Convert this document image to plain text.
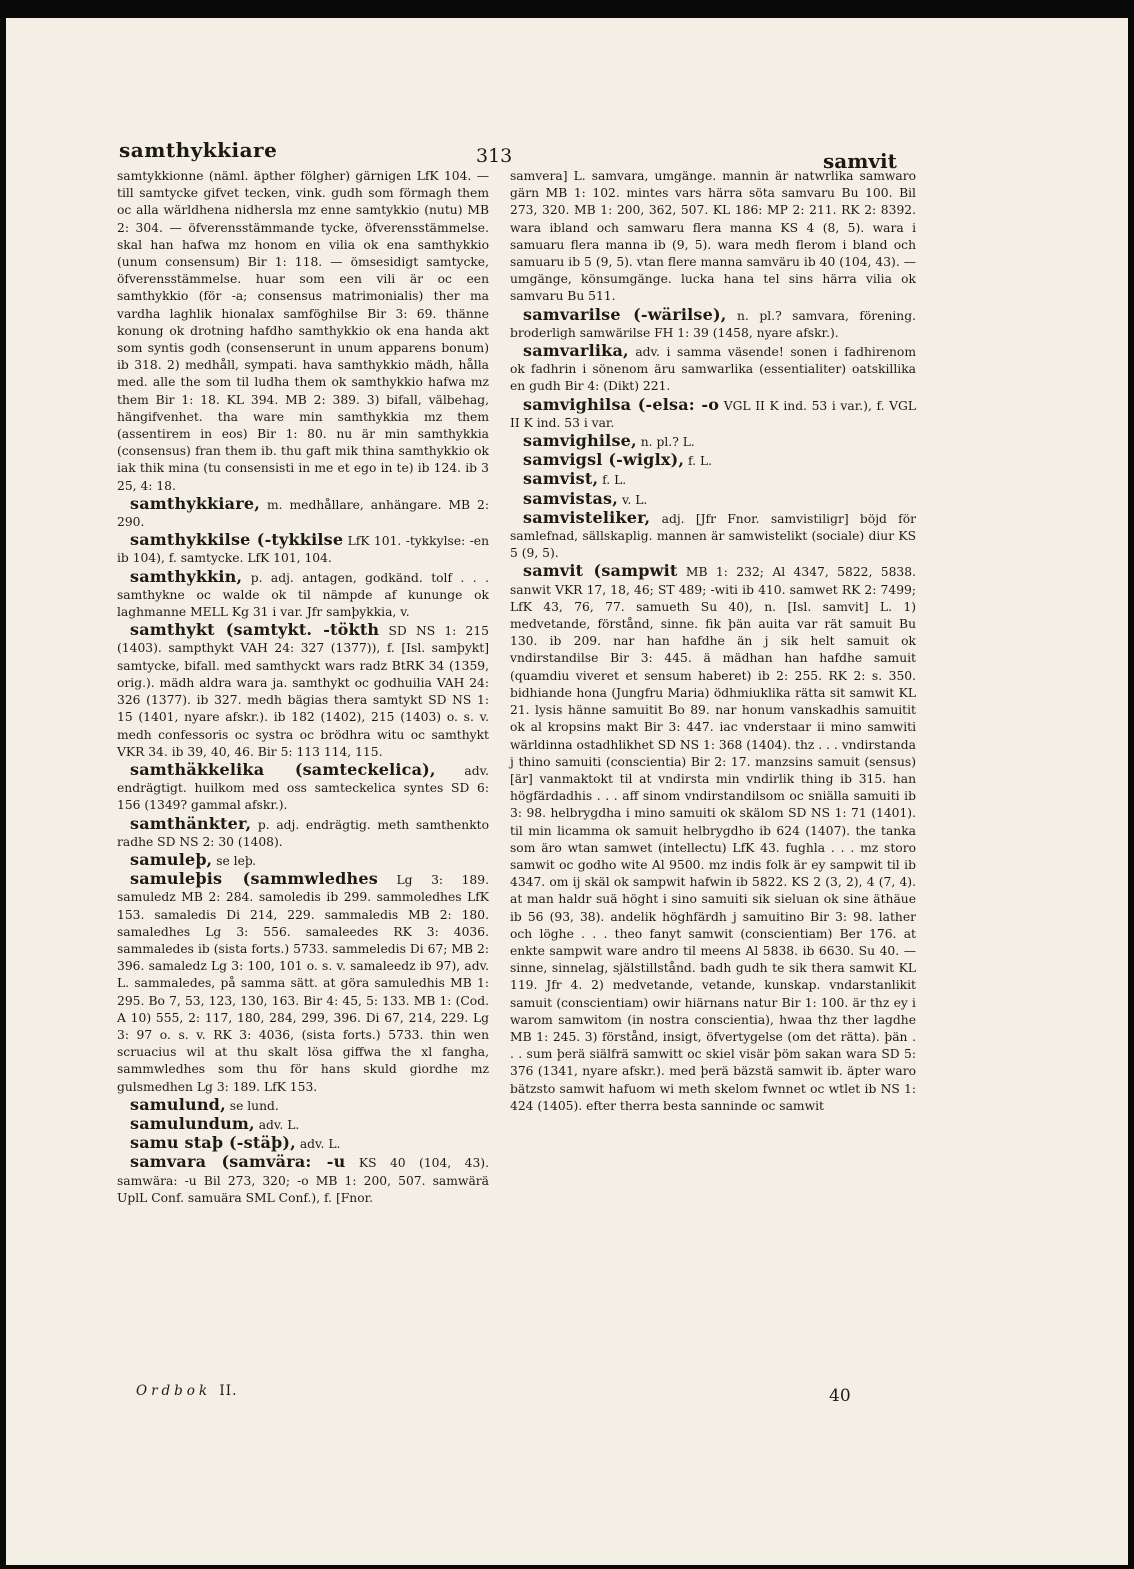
samthykkiare	313	samvit

samtykkionne (näml. äpther fölgher) gärnigen LfK 104. — till samtycke gifvet tecken, vink. gudh som förmagh them oc alla wärldhena nidhersla mz enne samtykkio (nutu) MB 2: 304. — öfverensstämmande tycke, öfverensstämmelse. skal han hafwa mz honom en vilia ok ena samthykkio (unum consensum) Bir 1: 118. — ömsesidigt samtycke, öfverensstämmelse. huar som een vili är oc een samthykkio (för -a; consensus matrimonialis) ther ma vardha laghlik hionalax samföghilse Bir 3: 69. thänne konung ok drotning hafdho samthykkio ok ena handa akt som syntis godh (consenserunt in unum apparens bonum) ib 318. 2) medhåll, sympati. hava samthykkio mädh, hålla med. alle the som til ludha them ok samthykkio hafwa mz them Bir 1: 18. KL 394. MB 2: 389. 3) bifall, välbehag, hängifvenhet. tha ware min samthykkia mz them (assentirem in eos) Bir 1: 80. nu är min samthykkia (consensus) fran them ib. thu gaft mik thina samthykkio ok iak thik mina (tu consensisti in me et ego in te) ib 124. ib 3 25, 4: 18.

samthykkiare, m. medhållare, anhängare. MB 2: 290.

samthykkilse (-tykkilse LfK 101. -tykkylse: -en ib 104), f. samtycke. LfK 101, 104.

samthykkin, p. adj. antagen, godkänd. tolf . . . samthykne oc walde ok til nämpde af kununge ok laghmanne MELL Kg 31 i var. Jfr samþykkia, v.

samthykt (samtykt. -tökth SD NS 1: 215 (1403). sampthykt VAH 24: 327 (1377)), f. [Isl. samþykt] samtycke, bifall. med samthyckt wars radz BtRK 34 (1359, orig.). mädh aldra wara ja. samthykt oc godhuilia VAH 24: 326 (1377). ib 327. medh bägias thera samtykt SD NS 1: 15 (1401, nyare afskr.). ib 182 (1402), 215 (1403) o. s. v. medh confessoris oc systra oc brödhra witu oc samthykt VKR 34. ib 39, 40, 46. Bir 5: 113 114, 115.

samthäkkelika (samteckelica), adv. endrägtigt. huilkom med oss samteckelica syntes SD 6: 156 (1349? gammal afskr.).

samthänkter, p. adj. endrägtig. meth samthenkto radhe SD NS 2: 30 (1408).

samuleþ, se leþ.

samuleþis (sammwledhes Lg 3: 189. samuledz MB 2: 284. samoledis ib 299. sammoledhes LfK 153. samaledis Di 214, 229. sammaledis MB 2: 180. samaledhes Lg 3: 556. samaleedes RK 3: 4036. sammaledes ib (sista forts.) 5733. sammeledis Di 67; MB 2: 396. samaledz Lg 3: 100, 101 o. s. v. samaleedz ib 97), adv. L. sammaledes, på samma sätt. at göra samuledhis MB 1: 295. Bo 7, 53, 123, 130, 163. Bir 4: 45, 5: 133. MB 1: (Cod. A 10) 555, 2: 117, 180, 284, 299, 396. Di 67, 214, 229. Lg 3: 97 o. s. v. RK 3: 4036, (sista forts.) 5733. thin wen scruacius wil at thu skalt lösa giffwa the xl fangha, sammwledhes som thu för hans skuld giordhe mz gulsmedhen Lg 3: 189. LfK 153.

samulund, se lund.

samulundum, adv. L.

samu staþ (-stäþ), adv. L.

samvara (samvära: -u KS 40 (104, 43). samwära: -u Bil 273, 320; -o MB 1: 200, 507. samwärä UplL Conf. samuära SML Conf.), f. [Fnor.

samvera] L. samvara, umgänge. mannin är natwrlika samwaro gärn MB 1: 102. mintes vars härra söta samvaru Bu 100. Bil 273, 320. MB 1: 200, 362, 507. KL 186: MP 2: 211. RK 2: 8392. wara ibland och samwaru flera manna KS 4 (8, 5). wara i samuaru flera manna ib (9, 5). wara medh flerom i bland och samuaru ib 5 (9, 5). vtan flere manna samväru ib 40 (104, 43). — umgänge, könsumgänge. lucka hana tel sins härra vilia ok samvaru Bu 511.

samvarilse (-wärilse), n. pl.? samvara, förening. broderligh samwärilse FH 1: 39 (1458, nyare afskr.).

samvarlika, adv. i samma väsende! sonen i fadhirenom ok fadhrin i sönenom äru samwarlika (essentialiter) oatskillika en gudh Bir 4: (Dikt) 221.

samvighilsa (-elsa: -o VGL II K ind. 53 i var.), f. VGL II K ind. 53 i var.

samvighilse, n. pl.? L.

samvigsl (-wiglx), f. L.

samvist, f. L.

samvistas, v. L.

samvisteliker, adj. [Jfr Fnor. samvistiligr] böjd för samlefnad, sällskaplig. mannen är samwistelikt (sociale) diur KS 5 (9, 5).

samvit (sampwit MB 1: 232; Al 4347, 5822, 5838. sanwit VKR 17, 18, 46; ST 489; -witi ib 410. samwet RK 2: 7499; LfK 43, 76, 77. samueth Su 40), n. [Isl. samvit] L. 1) medvetande, förstånd, sinne. fik þän auita var rät samuit Bu 130. ib 209. nar han hafdhe än j sik helt samuit ok vndirstandilse Bir 3: 445. ä mädhan han hafdhe samuit (quamdiu viveret et sensum haberet) ib 2: 255. RK 2: s. 350. bidhiande hona (Jungfru Maria) ödhmiuklika rätta sit samwit KL 21. lysis hänne samuitit Bo 89. nar honum vanskadhis samuitit ok al kropsins makt Bir 3: 447. iac vnderstaar ii mino samwiti wärldinna ostadhlikhet SD NS 1: 368 (1404). thz . . . vndirstanda j thino samuiti (conscientia) Bir 2: 17. manzsins samuit (sensus) [är] vanmaktokt til at vndirsta min vndirlik thing ib 315. han högfärdadhis . . . aff sinom vndirstandilsom oc sniälla samuiti ib 3: 98. helbrygdha i mino samuiti ok skälom SD NS 1: 71 (1401). til min licamma ok samuit helbrygdho ib 624 (1407). the tanka som äro wtan samwet (intellectu) LfK 43. fughla . . . mz storo samwit oc godho wite Al 9500. mz indis folk är ey sampwit til ib 4347. om ij skäl ok sampwit hafwin ib 5822. KS 2 (3, 2), 4 (7, 4). at man haldr suä höght i sino samuiti sik sieluan ok sine äthäue ib 56 (93, 38). andelik höghfärdh j samuitino Bir 3: 98. lather och löghe . . . theo fanyt samwit (conscientiam) Ber 176. at enkte sampwit ware andro til meens Al 5838. ib 6630. Su 40. — sinne, sinnelag, själstillstånd. badh gudh te sik thera samwit KL 119. Jfr 4. 2) medvetande, vetande, kunskap. vndarstanlikit samuit (conscientiam) owir hiärnans natur Bir 1: 100. är thz ey i warom samwitom (in nostra conscientia), hwaa thz ther lagdhe MB 1: 245. 3) förstånd, insigt, öfvertygelse (om det rätta). þän . . . sum þerä siälfrä samwitt oc skiel visär þöm sakan wara SD 5: 376 (1341, nyare afskr.). med þerä bäzstä samwit ib. äpter waro bätzsto samwit hafuom wi meth skelom fwnnet oc wtlet ib NS 1: 424 (1405). efter therra besta sanninde oc samwit

Ordbok II.	40
